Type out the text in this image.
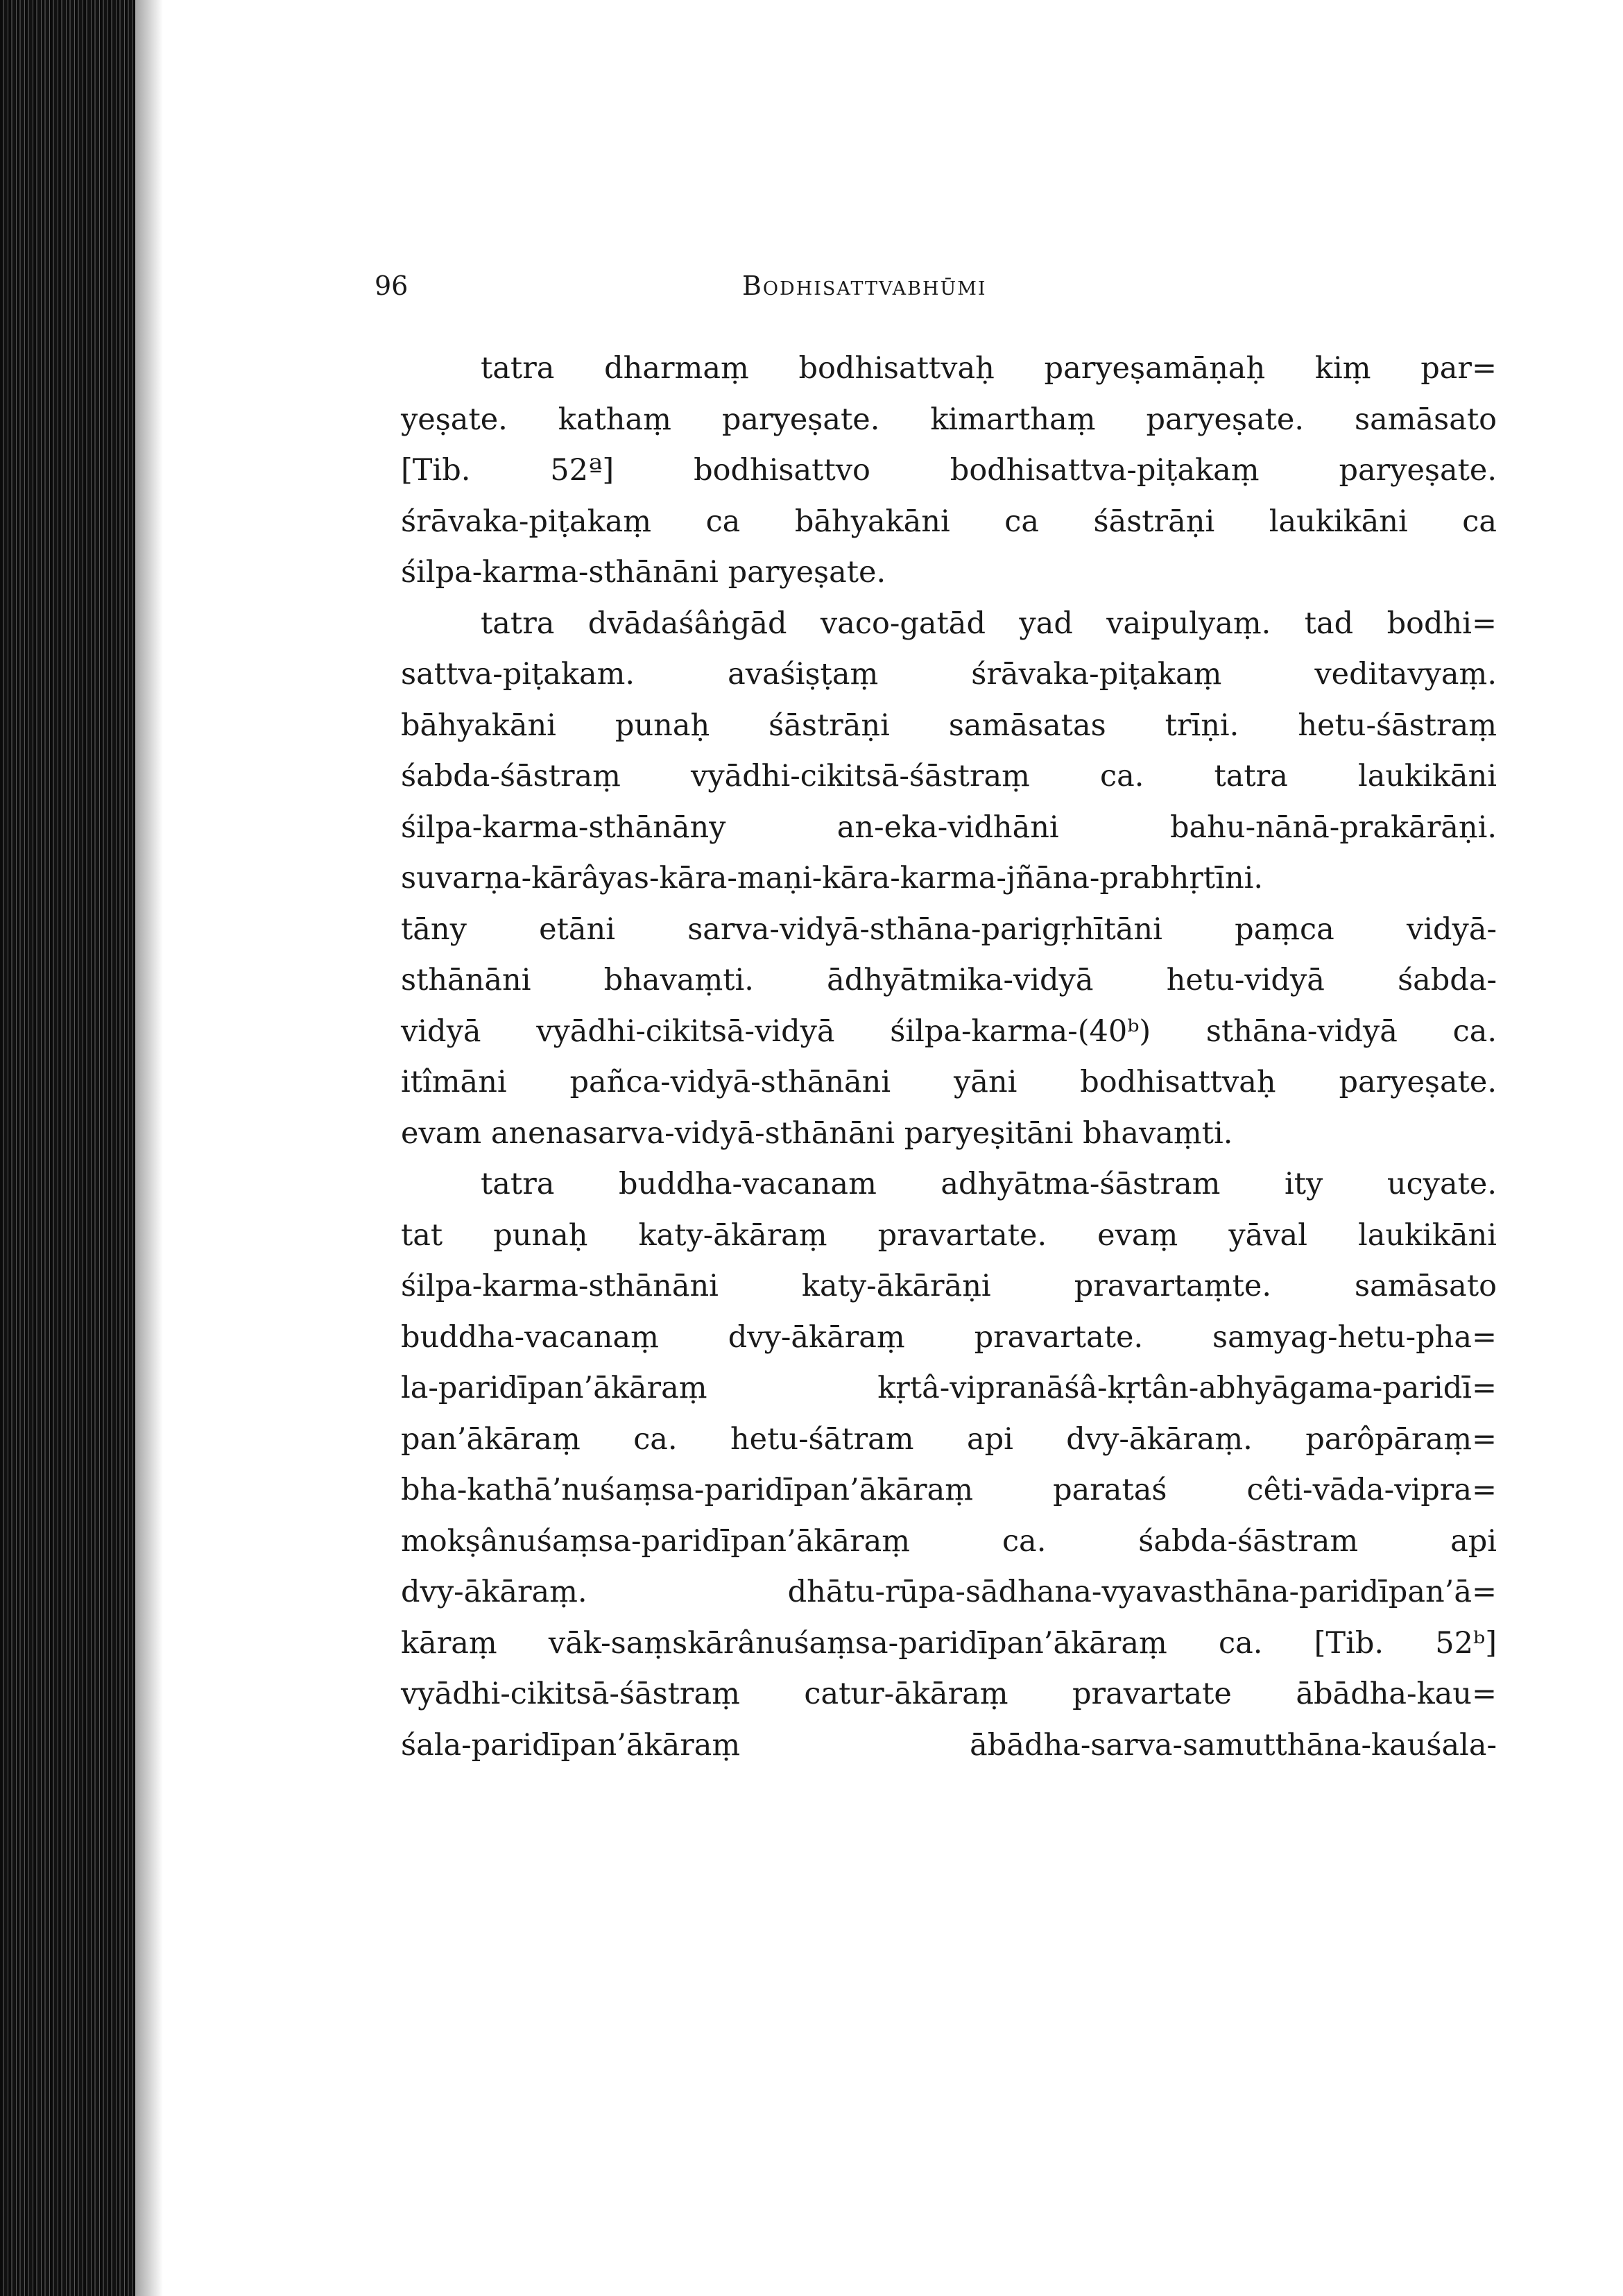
96	Bodhisattvabhūmi

tatra dharmaṃ bodhisattvaḥ paryeṣamāṇaḥ kiṃ par=
yeṣate. kathaṃ paryeṣate. kimarthaṃ paryeṣate. samāsato
[Tib. 52ª] bodhisattvo bodhisattva-piṭakaṃ paryeṣate.
śrāvaka-piṭakaṃ ca bāhyakāni ca śāstrāṇi laukikāni ca
śilpa-karma-sthānāni paryeṣate.

tatra dvādaśâṅgād vaco-gatād yad vaipulyaṃ. tad bodhi=
sattva-piṭakam. avaśiṣṭaṃ śrāvaka-piṭakaṃ veditavyaṃ.
bāhyakāni punaḥ śāstrāṇi samāsatas trīṇi. hetu-śāstraṃ
śabda-śāstraṃ vyādhi-cikitsā-śāstraṃ ca. tatra laukikāni
śilpa-karma-sthānāny an-eka-vidhāni bahu-nānā-prakārāṇi.
suvarṇa-kārâyas-kāra-maṇi-kāra-karma-jñāna-prabhṛtīni.
tāny etāni sarva-vidyā-sthāna-parigṛhītāni paṃca vidyā-
sthānāni bhavaṃti. ādhyātmika-vidyā hetu-vidyā śabda-
vidyā vyādhi-cikitsā-vidyā śilpa-karma-(40ᵇ) sthāna-vidyā ca.
itîmāni pañca-vidyā-sthānāni yāni bodhisattvaḥ paryeṣate.
evam anenasarva-vidyā-sthānāni paryeṣitāni bhavaṃti.

tatra buddha-vacanam adhyātma-śāstram ity ucyate.
tat punaḥ katy-ākāraṃ pravartate. evaṃ yāval laukikāni
śilpa-karma-sthānāni katy-ākārāṇi pravartaṃte. samāsato
buddha-vacanaṃ dvy-ākāraṃ pravartate. samyag-hetu-pha=
la-paridīpan’ākāraṃ kṛtâ-vipranāśâ-kṛtân-abhyāgama-paridī=
pan’ākāraṃ ca. hetu-śātram api dvy-ākāraṃ. parôpāraṃ=
bha-kathā’nuśaṃsa-paridīpan’ākāraṃ parataś cêti-vāda-vipra=
mokṣânuśaṃsa-paridīpan’ākāraṃ ca. śabda-śāstram api
dvy-ākāraṃ. dhātu-rūpa-sādhana-vyavasthāna-paridīpan’ā=
kāraṃ vāk-saṃskārânuśaṃsa-paridīpan’ākāraṃ ca. [Tib. 52ᵇ]
vyādhi-cikitsā-śāstraṃ catur-ākāraṃ pravartate ābādha-kau=
śala-paridīpan’ākāraṃ ābādha-sarva-samutthāna-kauśala-
